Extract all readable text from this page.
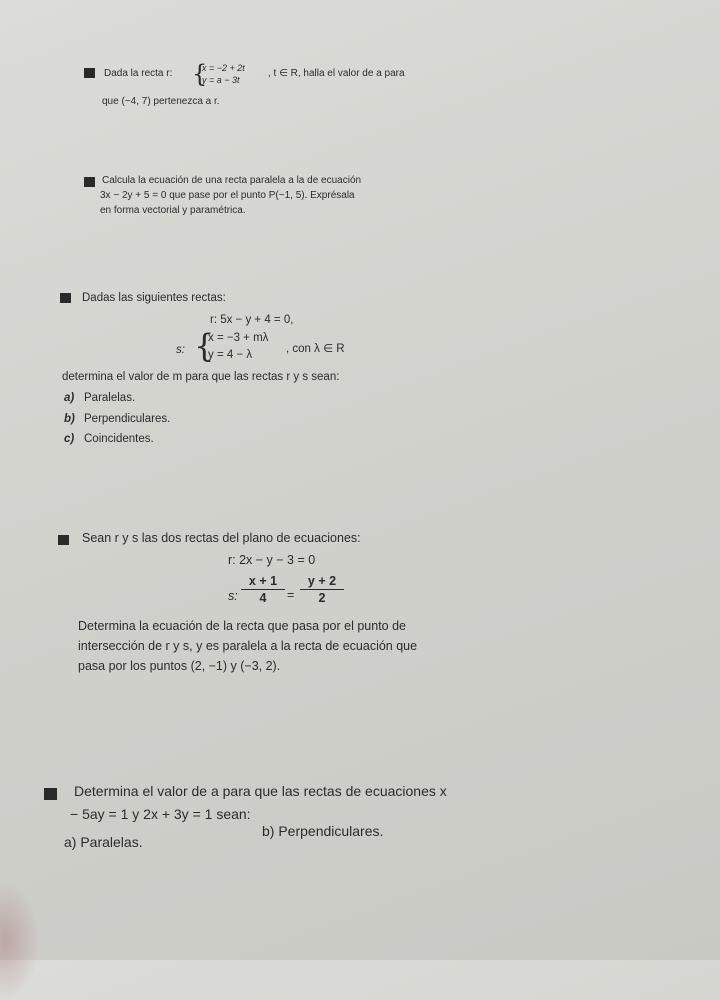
Dada la recta r: {
x = −2 + 2t
y = a − 3t
, t ∈ R, halla el valor de a para
que (−4, 7) pertenezca a r.
Calcula la ecuación de una recta paralela a la de ecuación
3x − 2y + 5 = 0 que pase por el punto P(−1, 5). Exprésala
en forma vectorial y paramétrica.
Dadas las siguientes rectas:
r: 5x − y + 4 = 0,
s: {
x = −3 + mλ
y = 4 − λ	, con λ ∈ R
determina el valor de m para que las rectas r y s sean:
a) Paralelas.
b) Perpendiculares.
c) Coincidentes.
Sean r y s las dos rectas del plano de ecuaciones:
r: 2x − y − 3 = 0
s:
x + 1
4	=
y + 2
2
Determina la ecuación de la recta que pasa por el punto de
intersección de r y s, y es paralela a la recta de ecuación que
pasa por los puntos (2, −1) y (−3, 2).
Determina el valor de a para que las rectas de ecuaciones x
− 5ay = 1 y 2x + 3y = 1 sean:
a) Paralelas.
b) Perpendiculares.
